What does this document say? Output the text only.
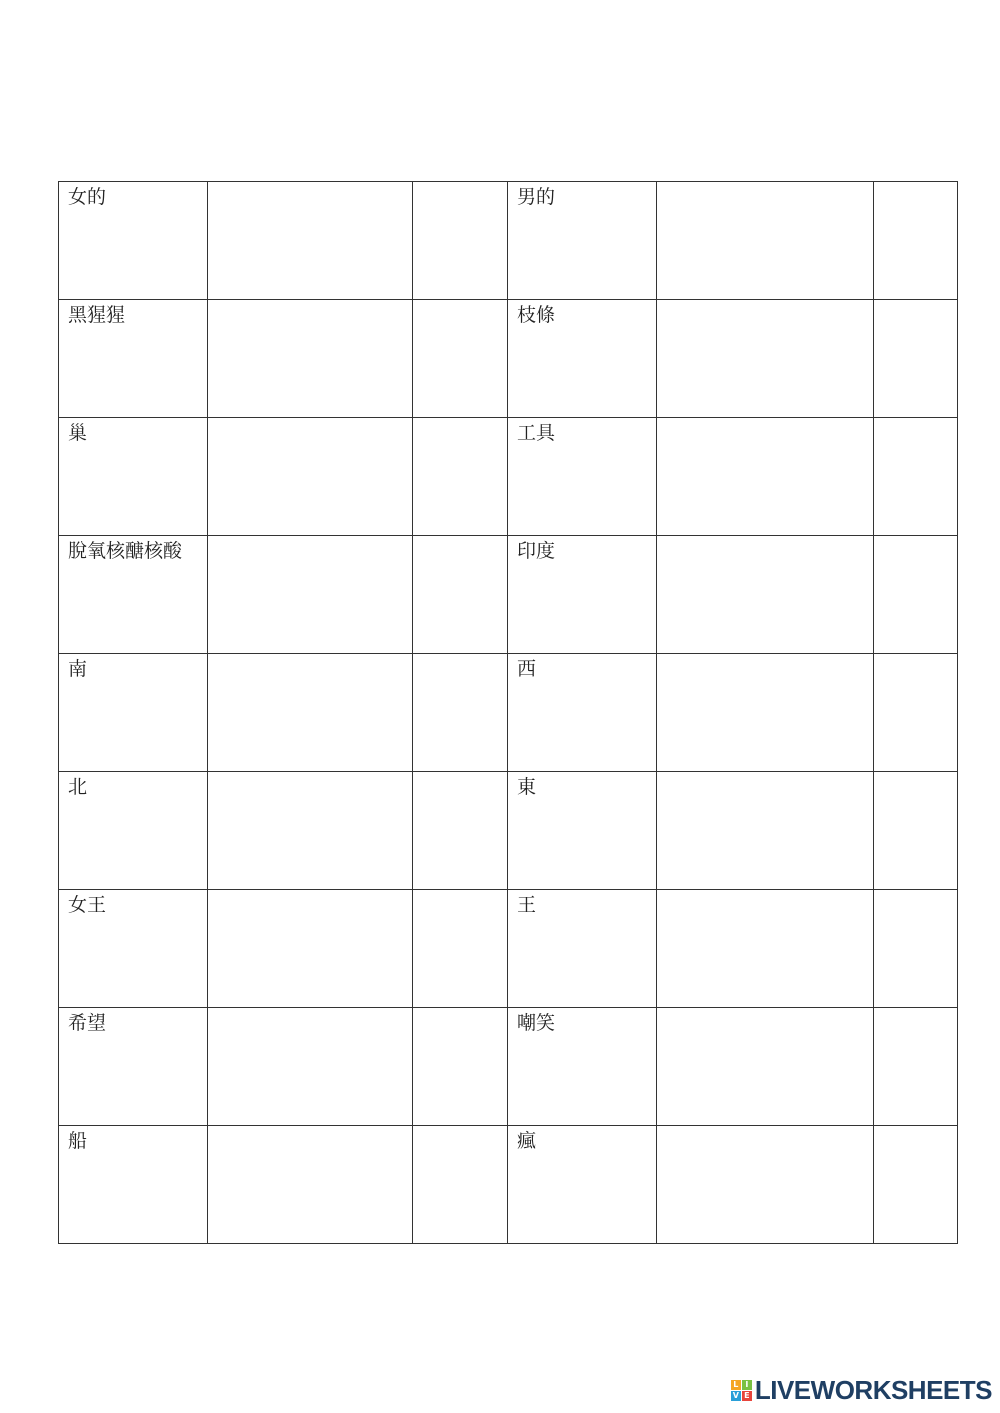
女的			男的		
黑猩猩			枝條		
巢			工具		
脫氧核醣核酸			印度		
南			西		
北			東		
女王			王		
希望			嘲笑		
船			瘋		
L I
V E LIVEWORKSHEETS
